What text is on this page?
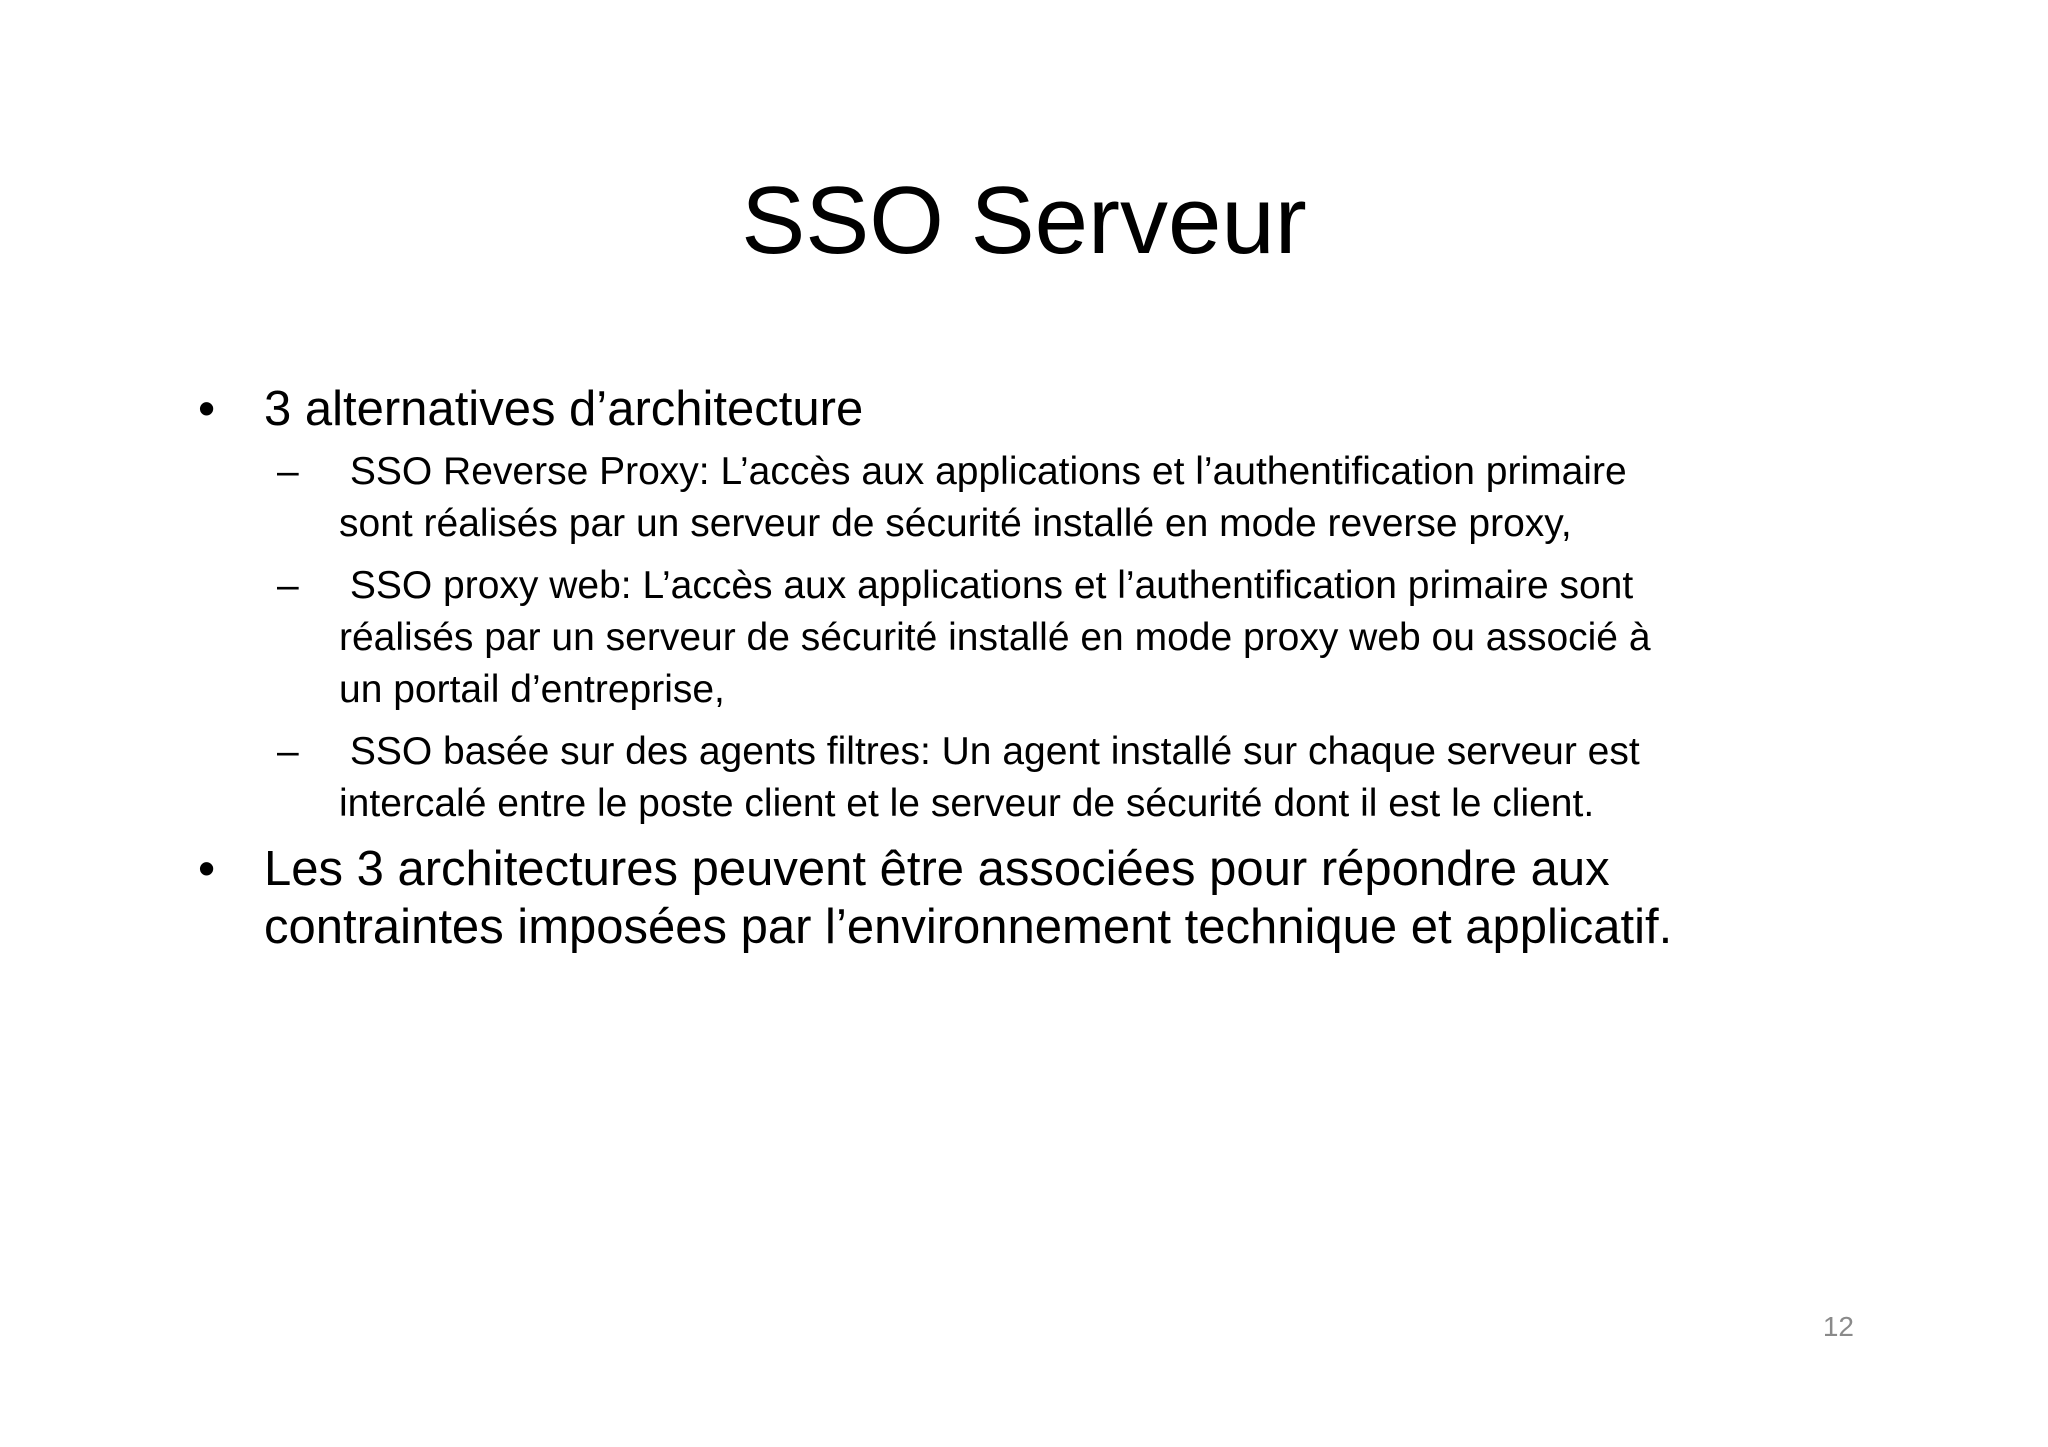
SSO Serveur
• 3 alternatives d’architecture
–	SSO Reverse Proxy: L’accès aux applications et l’authentification primaire
sont réalisés par un serveur de sécurité installé en mode reverse proxy,
–	SSO proxy web: L’accès aux applications et l’authentification primaire sont
réalisés par un serveur de sécurité installé en mode proxy web ou associé à
un portail d’entreprise,
–	SSO basée sur des agents filtres: Un agent installé sur chaque serveur est
intercalé entre le poste client et le serveur de sécurité dont il est le client.
• Les 3 architectures peuvent être associées pour répondre aux
contraintes imposées par l’environnement technique et applicatif.
12
